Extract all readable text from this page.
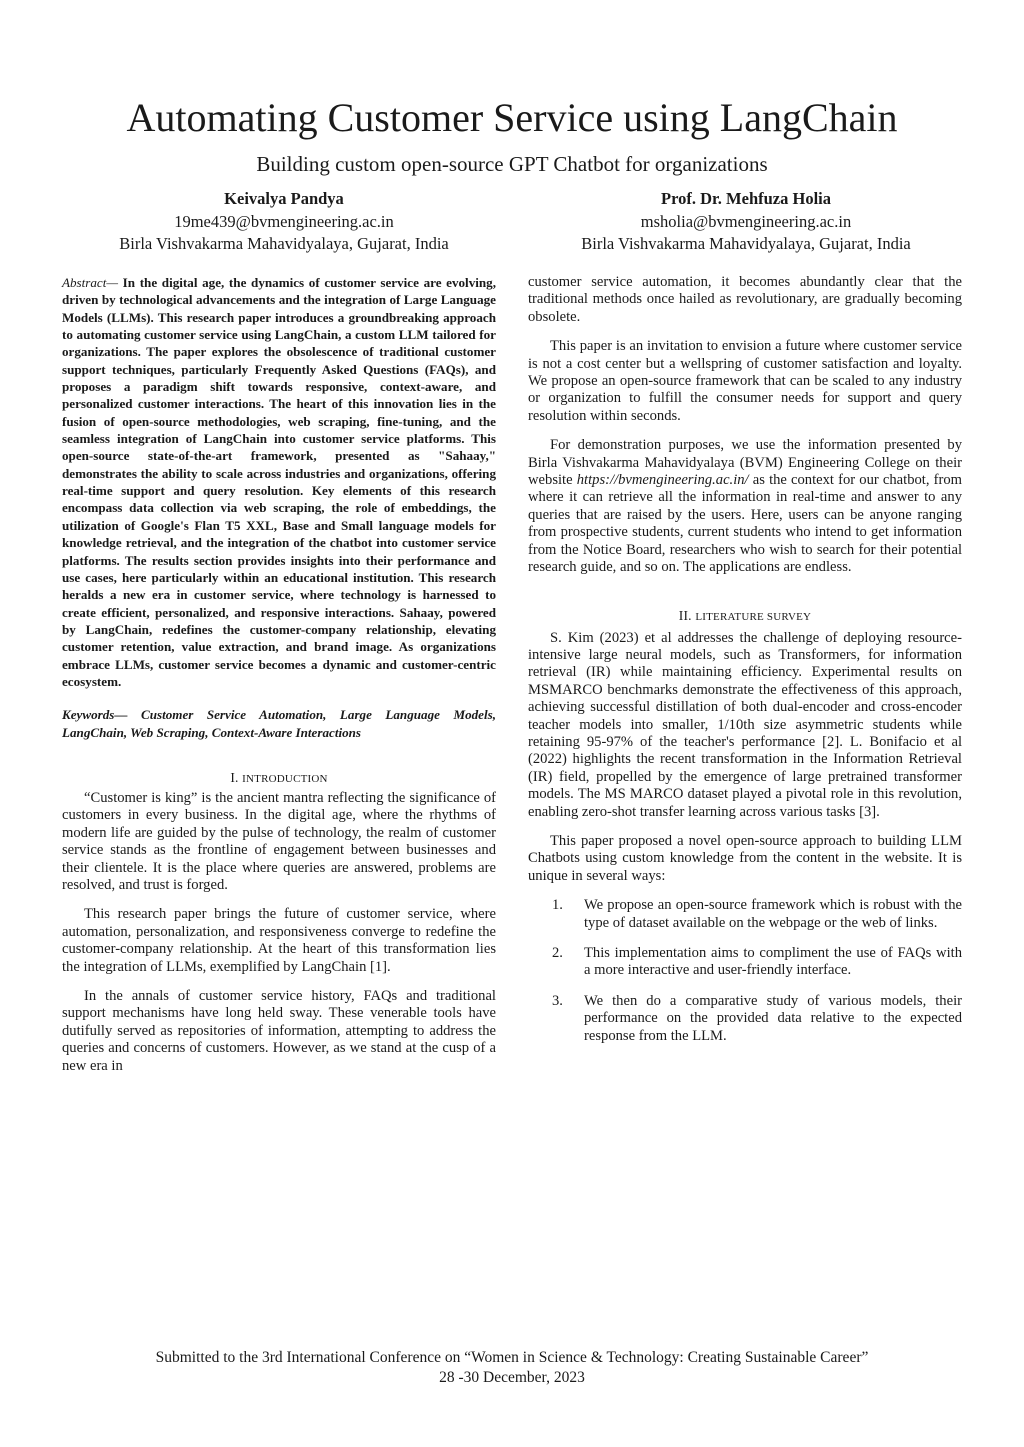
Automating Customer Service using LangChain
Building custom open-source GPT Chatbot for organizations
Keivalya Pandya
19me439@bvmengineering.ac.in
Birla Vishvakarma Mahavidyalaya, Gujarat, India
Prof. Dr. Mehfuza Holia
msholia@bvmengineering.ac.in
Birla Vishvakarma Mahavidyalaya, Gujarat, India

Abstract— In the digital age, the dynamics of customer service are evolving, driven by technological advancements and the integration of Large Language Models (LLMs). This research paper introduces a groundbreaking approach to automating customer service using LangChain, a custom LLM tailored for organizations. The paper explores the obsolescence of traditional customer support techniques, particularly Frequently Asked Questions (FAQs), and proposes a paradigm shift towards responsive, context-aware, and personalized customer interactions. The heart of this innovation lies in the fusion of open-source methodologies, web scraping, fine-tuning, and the seamless integration of LangChain into customer service platforms. This open-source state-of-the-art framework, presented as "Sahaay," demonstrates the ability to scale across industries and organizations, offering real-time support and query resolution. Key elements of this research encompass data collection via web scraping, the role of embeddings, the utilization of Google's Flan T5 XXL, Base and Small language models for knowledge retrieval, and the integration of the chatbot into customer service platforms. The results section provides insights into their performance and use cases, here particularly within an educational institution. This research heralds a new era in customer service, where technology is harnessed to create efficient, personalized, and responsive interactions. Sahaay, powered by LangChain, redefines the customer-company relationship, elevating customer retention, value extraction, and brand image. As organizations embrace LLMs, customer service becomes a dynamic and customer-centric ecosystem.

Keywords— Customer Service Automation, Large Language Models, LangChain, Web Scraping, Context-Aware Interactions

I. INTRODUCTION

“Customer is king” is the ancient mantra reflecting the significance of customers in every business. In the digital age, where the rhythms of modern life are guided by the pulse of technology, the realm of customer service stands as the frontline of engagement between businesses and their clientele. It is the place where queries are answered, problems are resolved, and trust is forged.

This research paper brings the future of customer service, where automation, personalization, and responsiveness converge to redefine the customer-company relationship. At the heart of this transformation lies the integration of LLMs, exemplified by LangChain [1].

In the annals of customer service history, FAQs and traditional support mechanisms have long held sway. These venerable tools have dutifully served as repositories of information, attempting to address the queries and concerns of customers. However, as we stand at the cusp of a new era in

customer service automation, it becomes abundantly clear that the traditional methods once hailed as revolutionary, are gradually becoming obsolete.

This paper is an invitation to envision a future where customer service is not a cost center but a wellspring of customer satisfaction and loyalty. We propose an open-source framework that can be scaled to any industry or organization to fulfill the consumer needs for support and query resolution within seconds.

For demonstration purposes, we use the information presented by Birla Vishvakarma Mahavidyalaya (BVM) Engineering College on their website https://bvmengineering.ac.in/ as the context for our chatbot, from where it can retrieve all the information in real-time and answer to any queries that are raised by the users. Here, users can be anyone ranging from prospective students, current students who intend to get information from the Notice Board, researchers who wish to search for their potential research guide, and so on. The applications are endless.

II. LITERATURE SURVEY

S. Kim (2023) et al addresses the challenge of deploying resource-intensive large neural models, such as Transformers, for information retrieval (IR) while maintaining efficiency. Experimental results on MSMARCO benchmarks demonstrate the effectiveness of this approach, achieving successful distillation of both dual-encoder and cross-encoder teacher models into smaller, 1/10th size asymmetric students while retaining 95-97% of the teacher's performance [2]. L. Bonifacio et al (2022) highlights the recent transformation in the Information Retrieval (IR) field, propelled by the emergence of large pretrained transformer models. The MS MARCO dataset played a pivotal role in this revolution, enabling zero-shot transfer learning across various tasks [3].

This paper proposed a novel open-source approach to building LLM Chatbots using custom knowledge from the content in the website. It is unique in several ways:

1. We propose an open-source framework which is robust with the type of dataset available on the webpage or the web of links.
2. This implementation aims to compliment the use of FAQs with a more interactive and user-friendly interface.
3. We then do a comparative study of various models, their performance on the provided data relative to the expected response from the LLM.
Submitted to the 3rd International Conference on “Women in Science & Technology: Creating Sustainable Career”
28 -30 December, 2023
